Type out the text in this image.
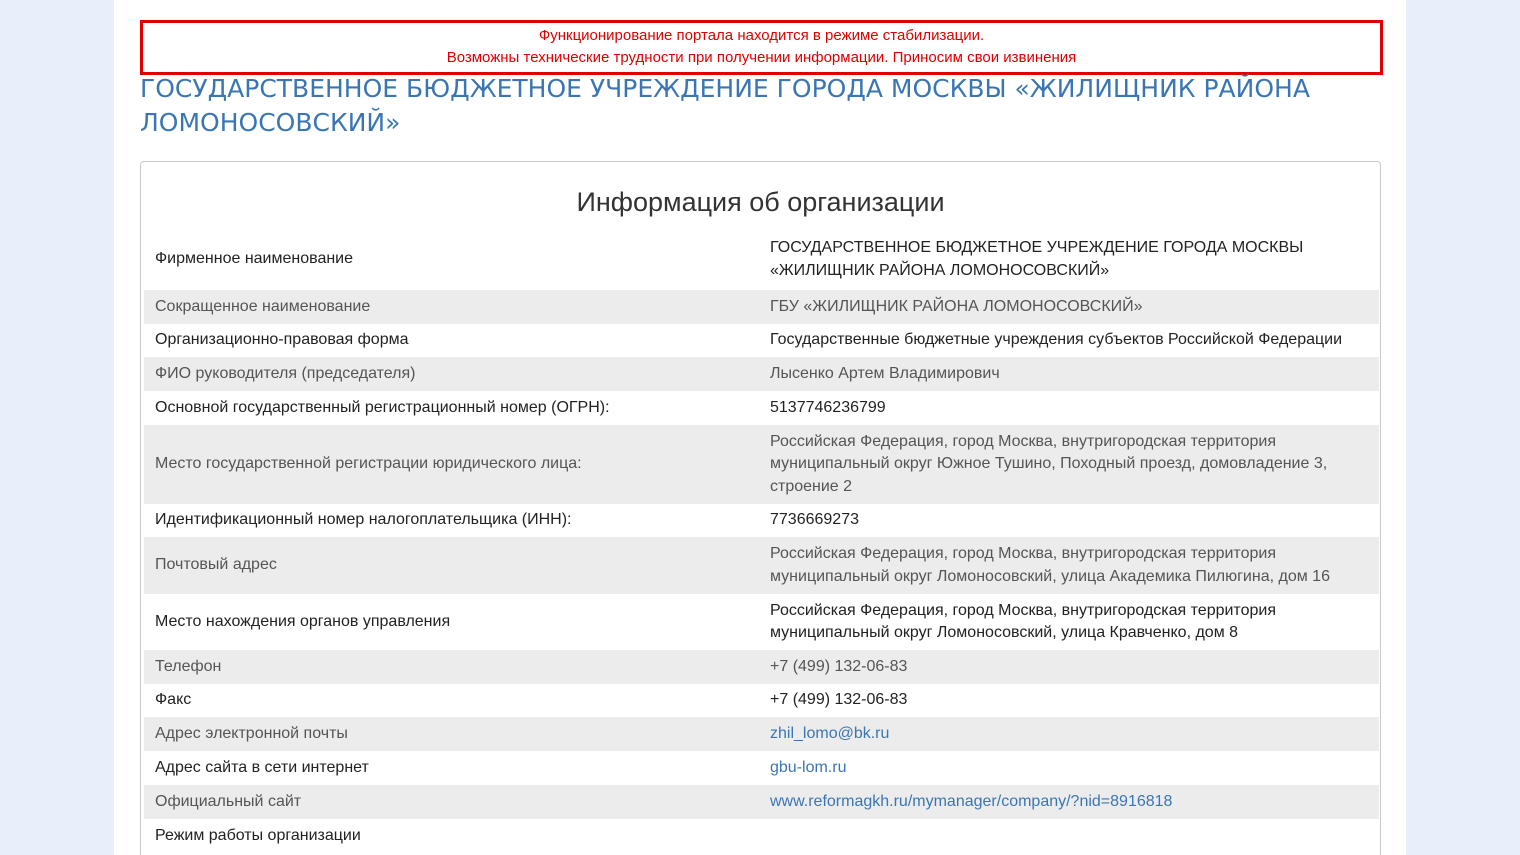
Функционирование портала находится в режиме стабилизации.
Возможны технические трудности при получении информации. Приносим свои извинения
ГОСУДАРСТВЕННОЕ БЮДЖЕТНОЕ УЧРЕЖДЕНИЕ ГОРОДА МОСКВЫ «ЖИЛИЩНИК РАЙОНА ЛОМОНОСОВСКИЙ»
Информация об организации
Фирменное наименование	ГОСУДАРСТВЕННОЕ БЮДЖЕТНОЕ УЧРЕЖДЕНИЕ ГОРОДА МОСКВЫ «ЖИЛИЩНИК РАЙОНА ЛОМОНОСОВСКИЙ»
Сокращенное наименование	ГБУ «ЖИЛИЩНИК РАЙОНА ЛОМОНОСОВСКИЙ»
Организационно-правовая форма	Государственные бюджетные учреждения субъектов Российской Федерации
ФИО руководителя (председателя)	Лысенко Артем Владимирович
Основной государственный регистрационный номер (ОГРН):	5137746236799
Место государственной регистрации юридического лица:	Российская Федерация, город Москва, внутригородская территория муниципальный округ Южное Тушино, Походный проезд, домовладение 3, строение 2
Идентификационный номер налогоплательщика (ИНН):	7736669273
Почтовый адрес	Российская Федерация, город Москва, внутригородская территория муниципальный округ Ломоносовский, улица Академика Пилюгина, дом 16
Место нахождения органов управления	Российская Федерация, город Москва, внутригородская территория муниципальный округ Ломоносовский, улица Кравченко, дом 8
Телефон	+7 (499) 132-06-83
Факс	+7 (499) 132-06-83
Адрес электронной почты	zhil_lomo@bk.ru
Адрес сайта в сети интернет	gbu-lom.ru
Официальный сайт	www.reformagkh.ru/mymanager/company/?nid=8916818
Режим работы организации	
